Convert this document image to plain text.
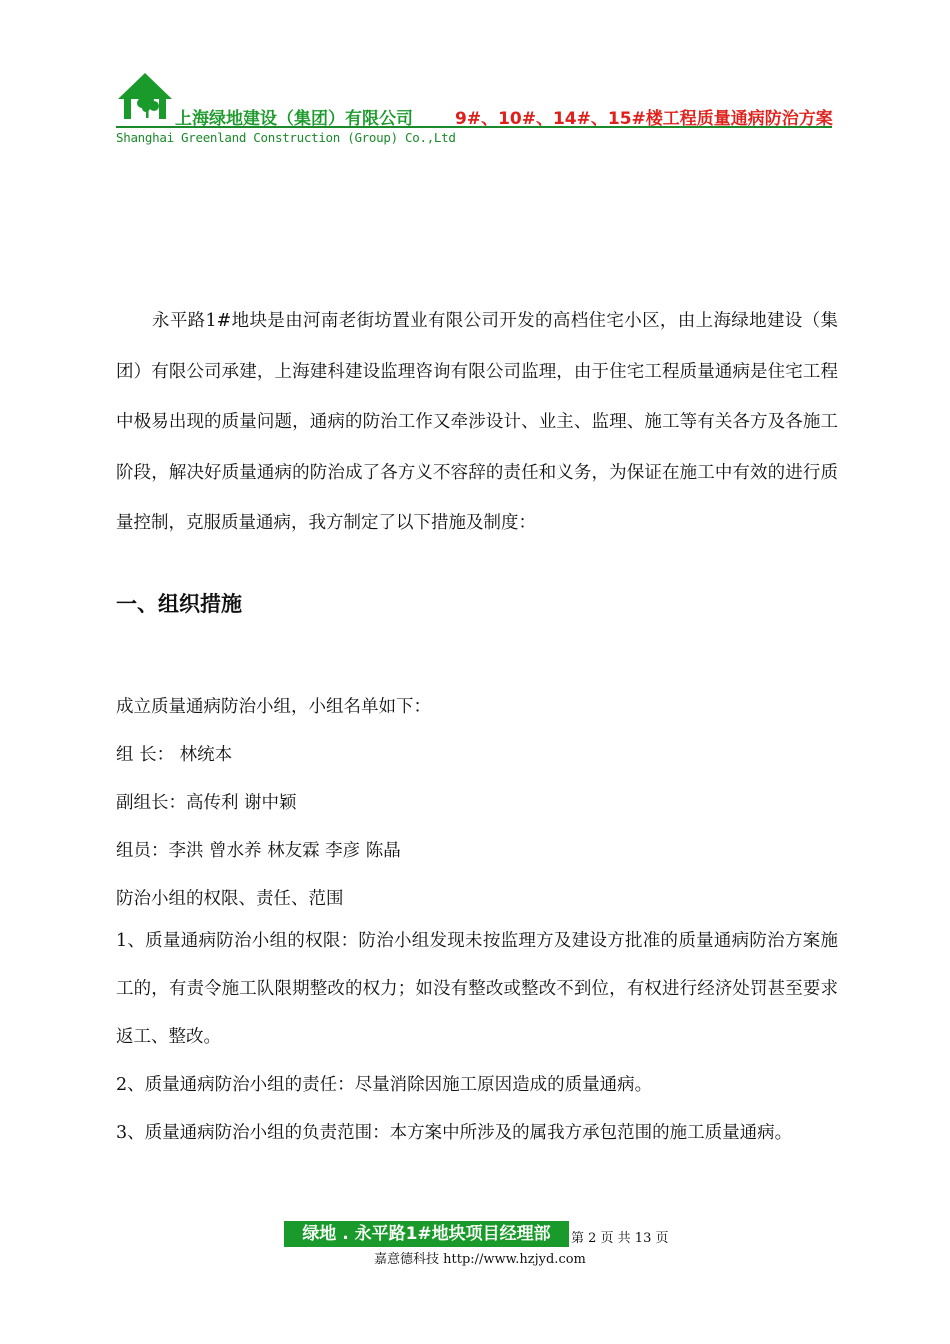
上海绿地建设（集团）有限公司 9#、10#、14#、15#楼工程质量通病防治方案
Shanghai Greenland Construction (Group) Co.,Ltd
永平路1#地块是由河南老街坊置业有限公司开发的高档住宅小区，由上海绿地建设（集团）有限公司承建，上海建科建设监理咨询有限公司监理，由于住宅工程质量通病是住宅工程中极易出现的质量问题，通病的防治工作又牵涉设计、业主、监理、施工等有关各方及各施工阶段，解决好质量通病的防治成了各方义不容辞的责任和义务，为保证在施工中有效的进行质量控制，克服质量通病，我方制定了以下措施及制度：
一、组织措施
成立质量通病防治小组，小组名单如下：
组 长： 林统本
副组长：高传利 谢中颖
组员：李洪 曾水养 林友霖 李彦 陈晶
防治小组的权限、责任、范围
1、质量通病防治小组的权限：防治小组发现未按监理方及建设方批准的质量通病防治方案施工的，有责令施工队限期整改的权力；如没有整改或整改不到位，有权进行经济处罚甚至要求返工、整改。
2、质量通病防治小组的责任：尽量消除因施工原因造成的质量通病。
3、质量通病防治小组的负责范围：本方案中所涉及的属我方承包范围的施工质量通病。
绿地 . 永平路1#地块项目经理部	第 2 页 共 13 页
嘉意德科技 http://www.hzjyd.com
